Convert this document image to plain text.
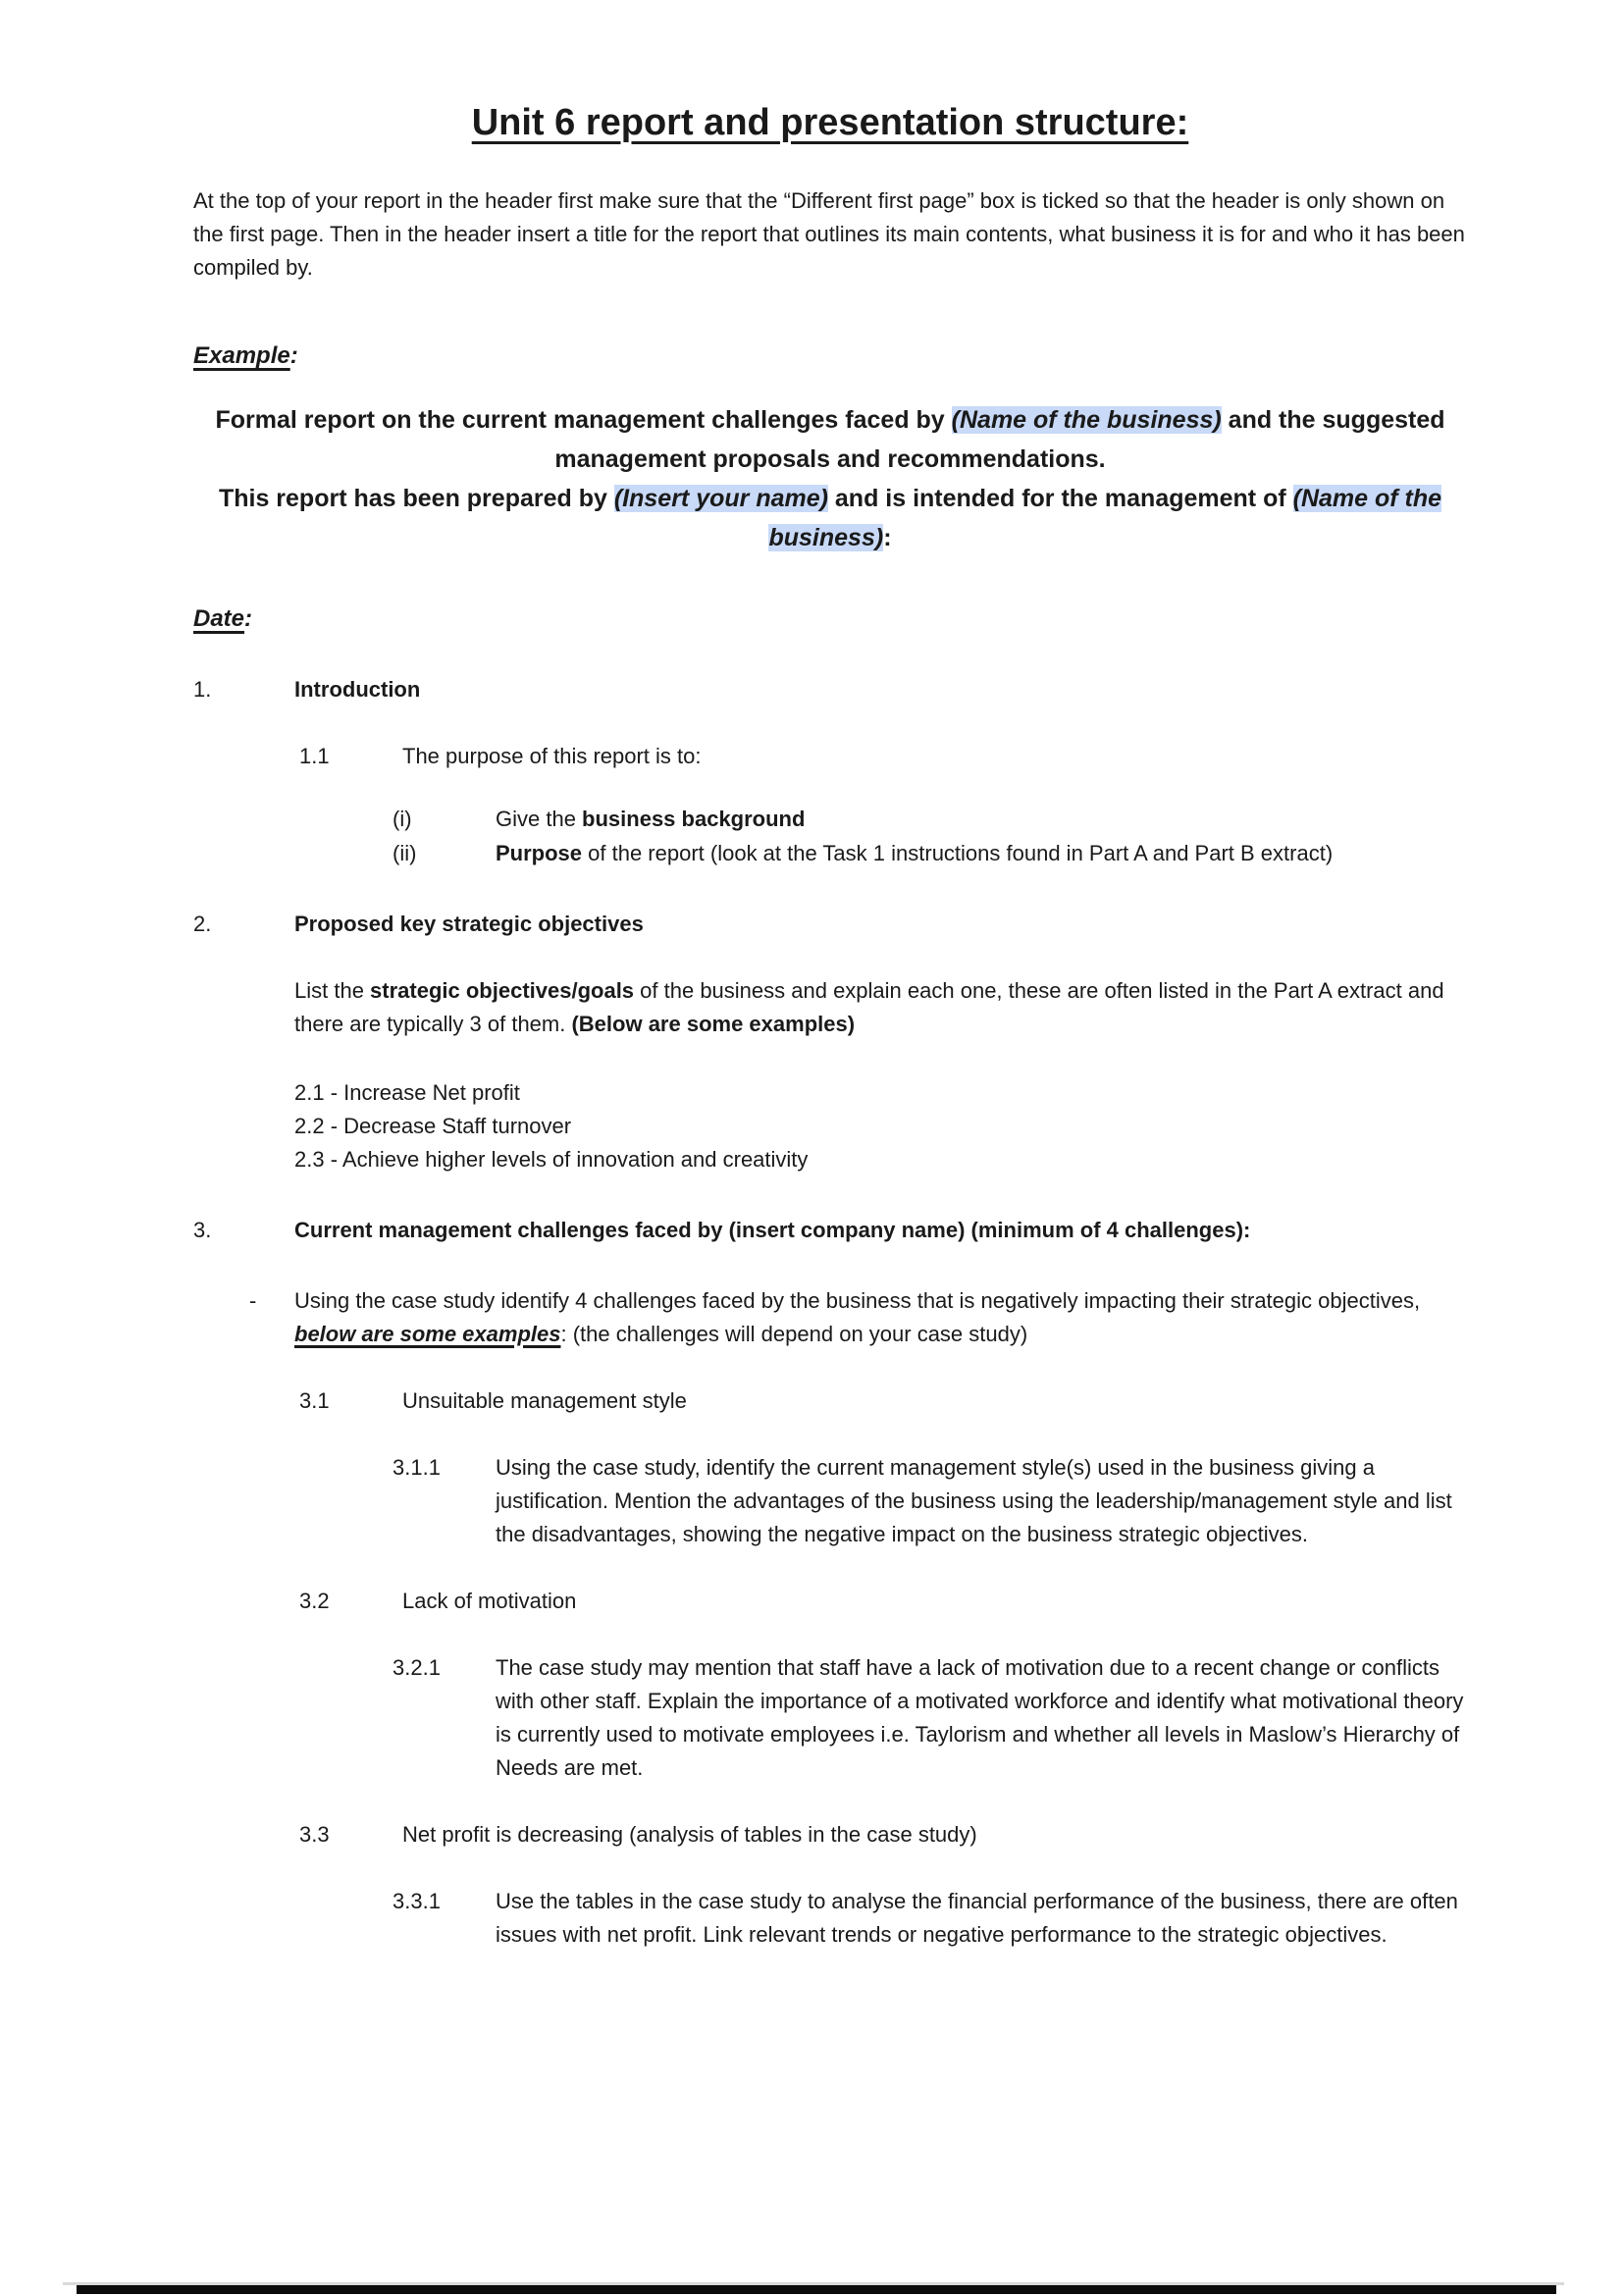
Unit 6 report and presentation structure:

At the top of your report in the header first make sure that the “Different first page” box is ticked so that the header is only shown on the first page. Then in the header insert a title for the report that outlines its main contents, what business it is for and who it has been compiled by.

Example:

Formal report on the current management challenges faced by (Name of the business) and the suggested management proposals and recommendations.

This report has been prepared by (Insert your name) and is intended for the management of (Name of the business):

Date:

1.	Introduction
1.1	The purpose of this report is to:
(i)	Give the business background
(ii)	Purpose of the report (look at the Task 1 instructions found in Part A and Part B extract)
2.	Proposed key strategic objectives
List the strategic objectives/goals of the business and explain each one, these are often listed in the Part A extract and there are typically 3 of them. (Below are some examples)
2.1 - Increase Net profit
2.2 - Decrease Staff turnover
2.3 - Achieve higher levels of innovation and creativity
3.	Current management challenges faced by (insert company name) (minimum of 4 challenges):
-	Using the case study identify 4 challenges faced by the business that is negatively impacting their strategic objectives, below are some examples: (the challenges will depend on your case study)
3.1	Unsuitable management style
3.1.1	Using the case study, identify the current management style(s) used in the business giving a justification. Mention the advantages of the business using the leadership/management style and list the disadvantages, showing the negative impact on the business strategic objectives.
3.2	Lack of motivation
3.2.1	The case study may mention that staff have a lack of motivation due to a recent change or conflicts with other staff. Explain the importance of a motivated workforce and identify what motivational theory is currently used to motivate employees i.e. Taylorism and whether all levels in Maslow’s Hierarchy of Needs are met.
3.3	Net profit is decreasing (analysis of tables in the case study)
3.3.1	Use the tables in the case study to analyse the financial performance of the business, there are often issues with net profit. Link relevant trends or negative performance to the strategic objectives.
